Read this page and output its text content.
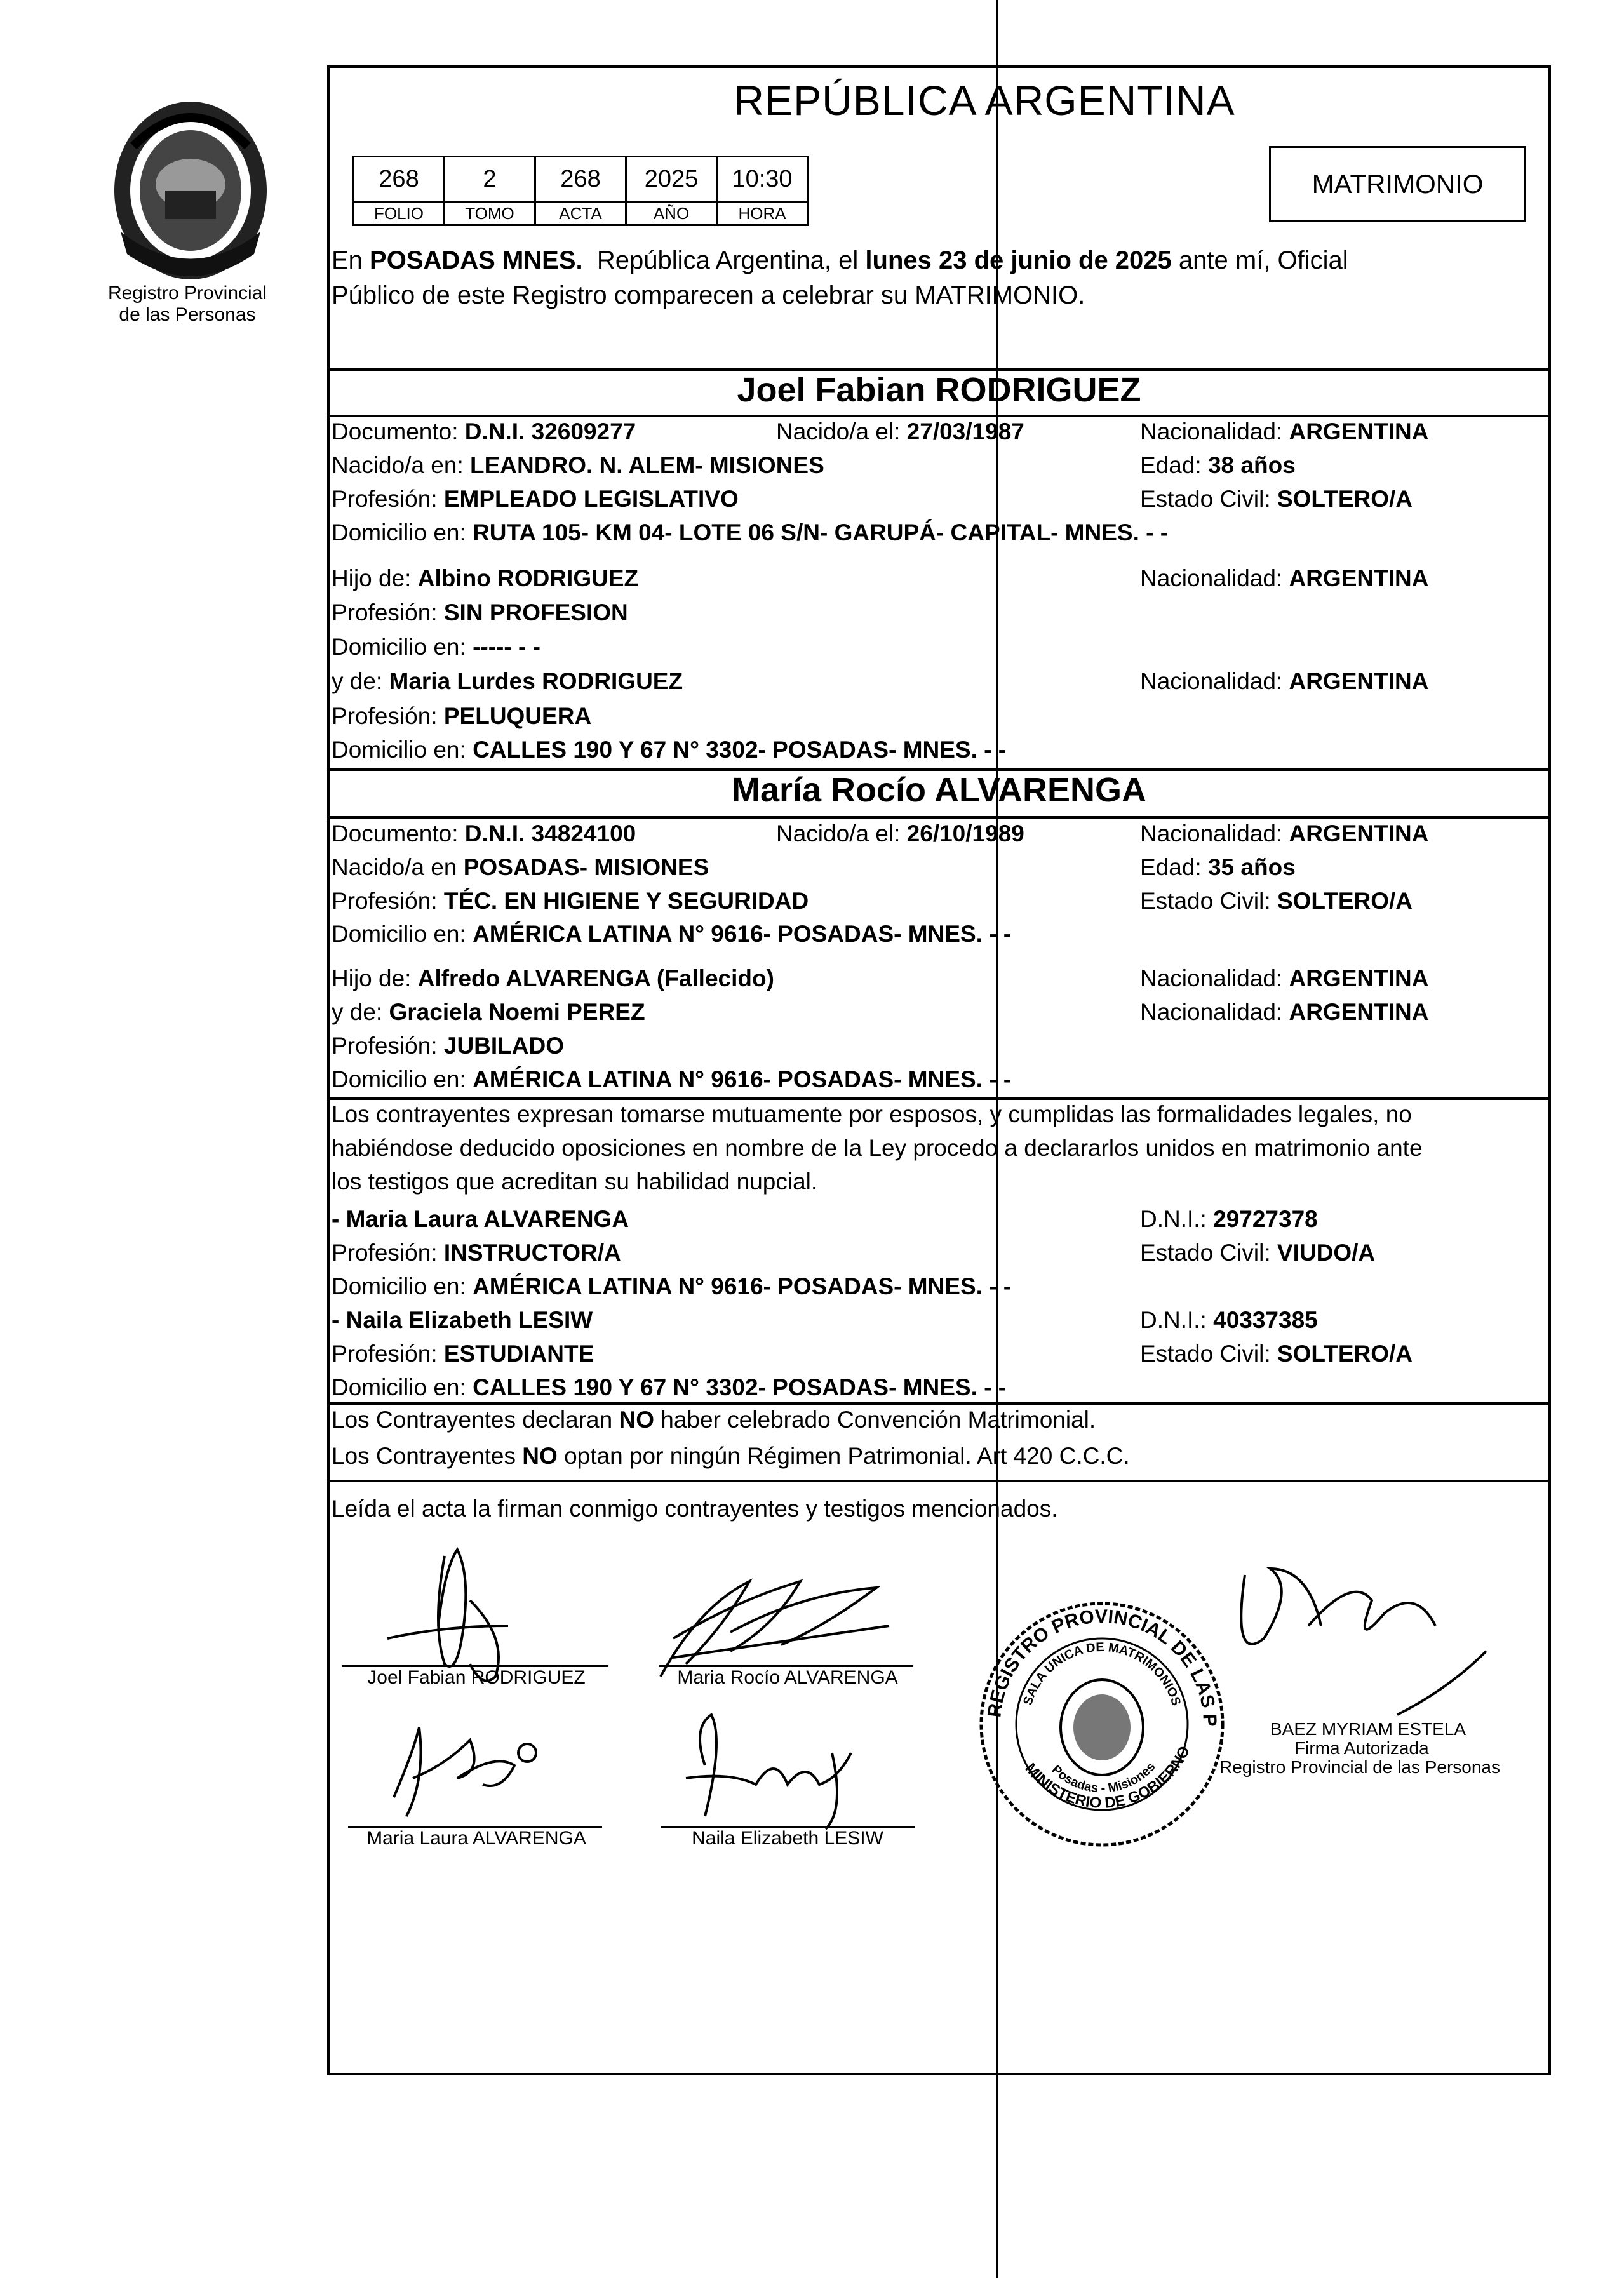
Registro Provincial
de las Personas
REPÚBLICA ARGENTINA
268	2	268	2025	10:30
FOLIO	TOMO	ACTA	AÑO	HORA
MATRIMONIO
En POSADAS MNES.  República Argentina, el lunes 23 de junio de 2025 ante mí, Oficial
Público de este Registro comparecen a celebrar su MATRIMONIO.
Joel Fabian RODRIGUEZ
Documento: D.N.I. 32609277	Nacido/a el: 27/03/1987	Nacionalidad: ARGENTINA
Nacido/a en: LEANDRO. N. ALEM- MISIONES	Edad: 38 años
Profesión: EMPLEADO LEGISLATIVO	Estado Civil: SOLTERO/A
Domicilio en: RUTA 105- KM 04- LOTE 06 S/N- GARUPÁ- CAPITAL- MNES. - -
Hijo de: Albino RODRIGUEZ	Nacionalidad: ARGENTINA
Profesión: SIN PROFESION
Domicilio en: ----- - -
y de: Maria Lurdes RODRIGUEZ	Nacionalidad: ARGENTINA
Profesión: PELUQUERA
Domicilio en: CALLES 190 Y 67 N° 3302- POSADAS- MNES. - -
María Rocío ALVARENGA
Documento: D.N.I. 34824100	Nacido/a el: 26/10/1989	Nacionalidad: ARGENTINA
Nacido/a en POSADAS- MISIONES	Edad: 35 años
Profesión: TÉC. EN HIGIENE Y SEGURIDAD	Estado Civil: SOLTERO/A
Domicilio en: AMÉRICA LATINA N° 9616- POSADAS- MNES. - -
Hijo de: Alfredo ALVARENGA (Fallecido)	Nacionalidad: ARGENTINA
y de: Graciela Noemi PEREZ	Nacionalidad: ARGENTINA
Profesión: JUBILADO
Domicilio en: AMÉRICA LATINA N° 9616- POSADAS- MNES. - -
Los contrayentes expresan tomarse mutuamente por esposos, y cumplidas las formalidades legales, no
habiéndose deducido oposiciones en nombre de la Ley procedo a declararlos unidos en matrimonio ante
los testigos que acreditan su habilidad nupcial.
- Maria Laura ALVARENGA	D.N.I.: 29727378
Profesión: INSTRUCTOR/A	Estado Civil: VIUDO/A
Domicilio en: AMÉRICA LATINA N° 9616- POSADAS- MNES. - -
- Naila Elizabeth LESIW	D.N.I.: 40337385
Profesión: ESTUDIANTE	Estado Civil: SOLTERO/A
Domicilio en: CALLES 190 Y 67 N° 3302- POSADAS- MNES. - -
Los Contrayentes declaran NO haber celebrado Convención Matrimonial.
Los Contrayentes NO optan por ningún Régimen Patrimonial. Art 420 C.C.C.
Leída el acta la firman conmigo contrayentes y testigos mencionados.
Joel Fabian RODRIGUEZ	Maria Rocío ALVARENGA
Maria Laura ALVARENGA	Naila Elizabeth LESIW
REGISTRO PROVINCIAL DE LAS PERSONAS
SALA UNICA DE MATRIMONIOS
MINISTERIO DE GOBIERNO
Posadas - Misiones
BAEZ MYRIAM ESTELA
Firma Autorizada
Registro Provincial de las Personas
